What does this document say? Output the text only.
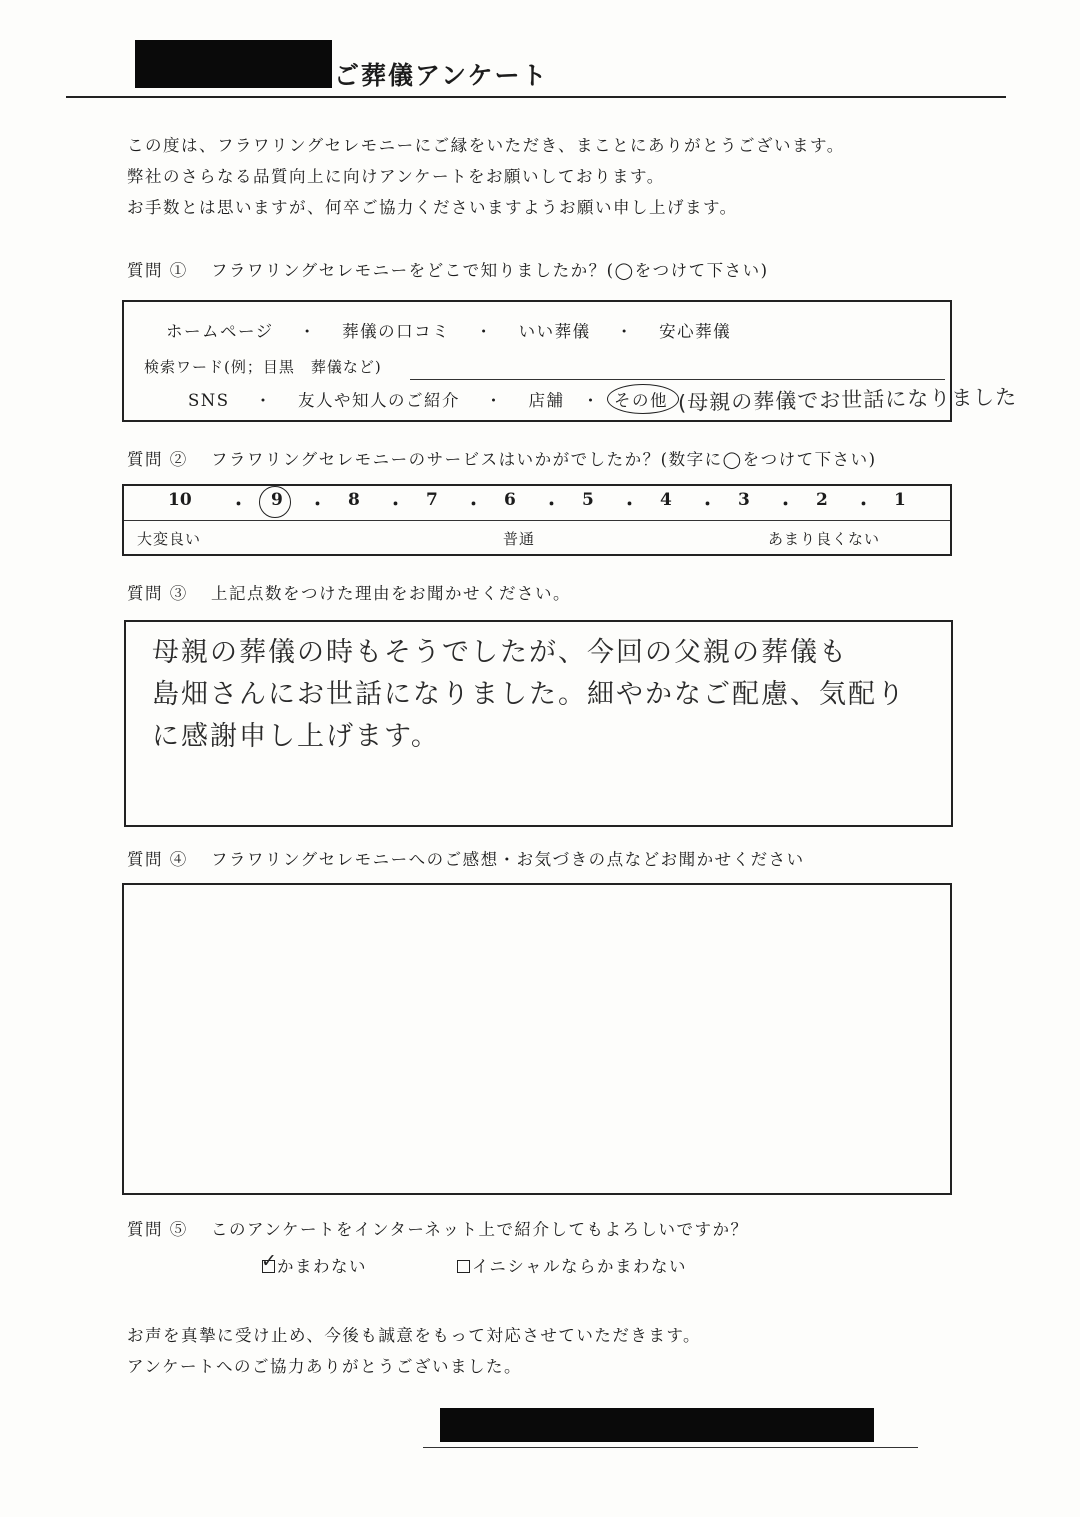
ご葬儀アンケート
この度は、フラワリングセレモニーにご縁をいただき、まことにありがとうございます。
弊社のさらなる品質向上に向けアンケートをお願いしております。
お手数とは思いますが、何卒ご協力くださいますようお願い申し上げます。
質問 ① フラワリングセレモニーをどこで知りましたか？(◯をつけて下さい)
ホームページ ・ 葬儀の口コミ ・ いい葬儀 ・ 安心葬儀
検索ワード(例；目黒　葬儀など)
SNS ・ 友人や知人のご紹介 ・ 店舗 ・ その他 (母親の葬儀でお世話になりました
質問 ② フラワリングセレモニーのサービスはいかがでしたか？(数字に◯をつけて下さい)
10 ・ 9 ・ 8 ・ 7 ・ 6 ・ 5 ・ 4 ・ 3 ・ 2 ・ 1
大変良い	普通	あまり良くない
質問 ③ 上記点数をつけた理由をお聞かせください。
母親の葬儀の時もそうでしたが、今回の父親の葬儀も
島畑さんにお世話になりました。細やかなご配慮、気配り
に感謝申し上げます。
質問 ④ フラワリングセレモニーへのご感想・お気づきの点などお聞かせください
質問 ⑤ このアンケートをインターネット上で紹介してもよろしいですか？
✓
かまわない	イニシャルならかまわない
お声を真摯に受け止め、今後も誠意をもって対応させていただきます。
アンケートへのご協力ありがとうございました。
